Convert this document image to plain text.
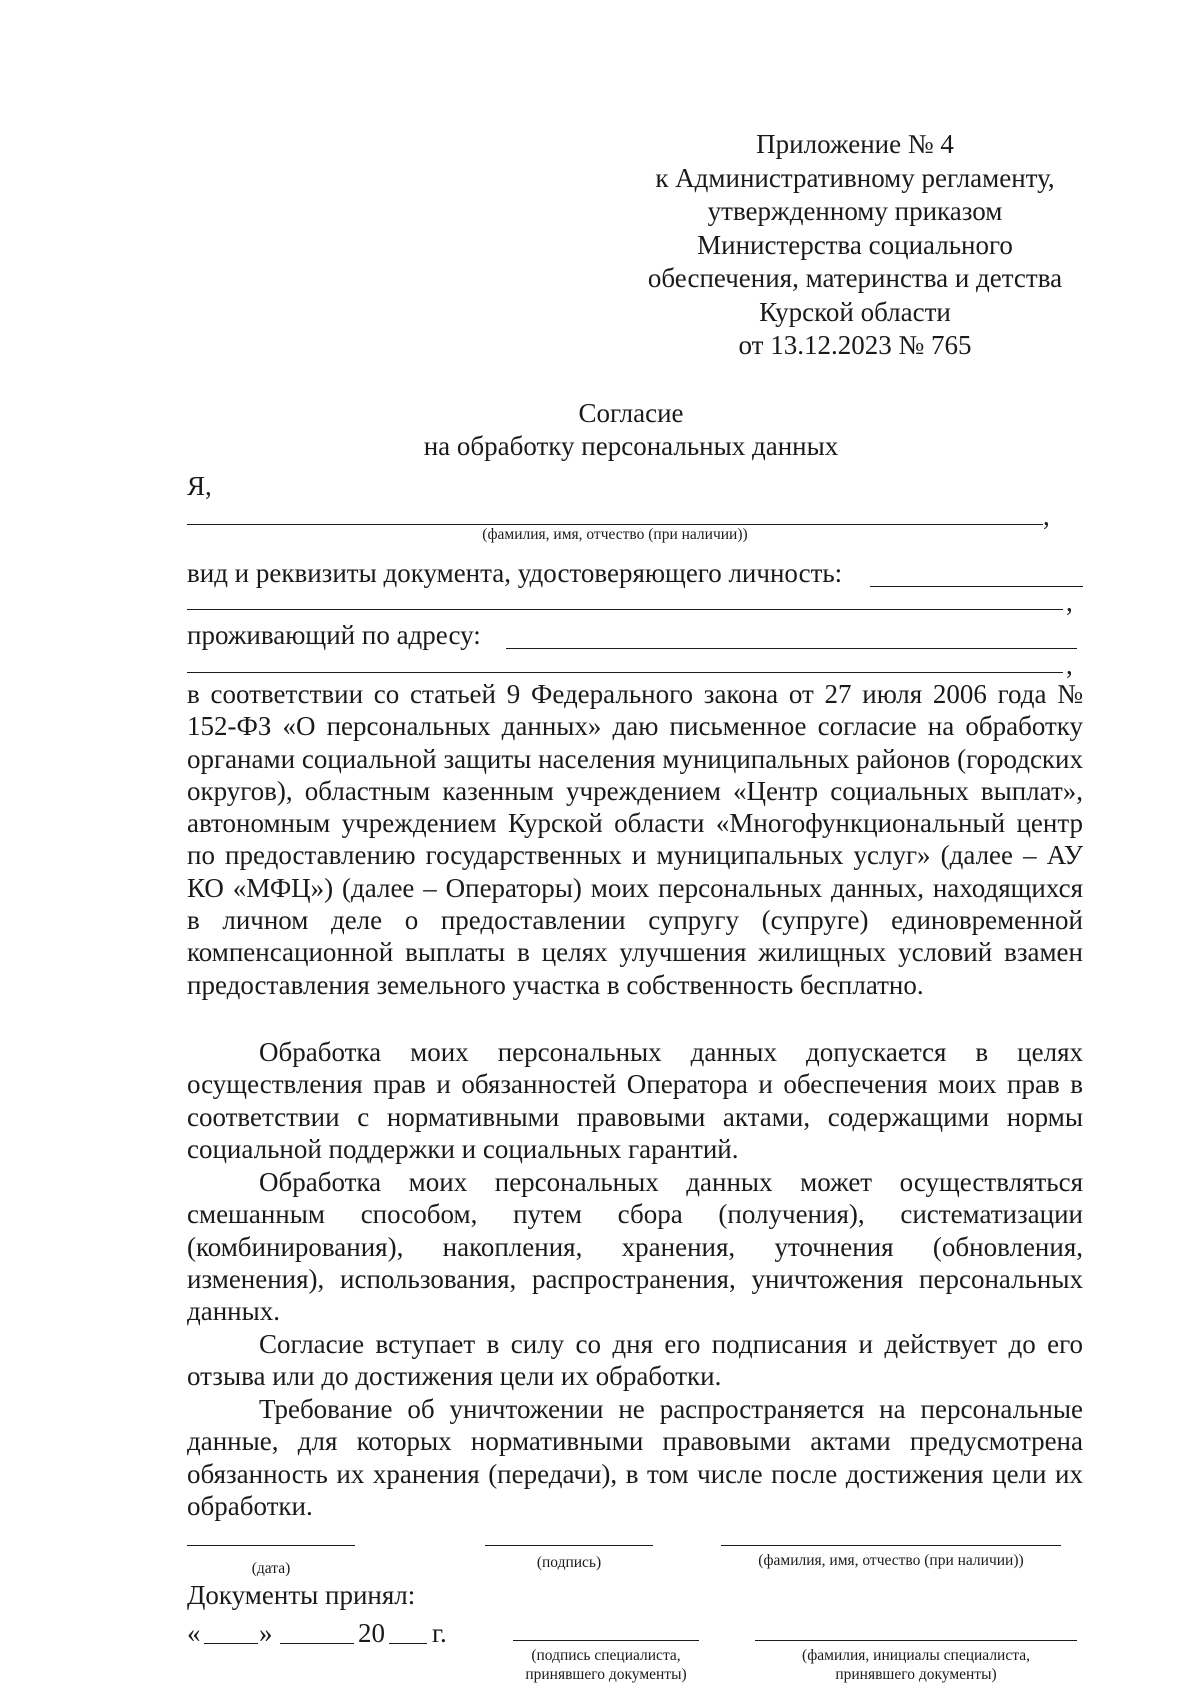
Приложение № 4
к Административному регламенту,
утвержденному приказом
Министерства социального
обеспечения, материнства и детства
Курской области
от 13.12.2023 № 765
Согласие
на обработку персональных данных
Я,
,
(фамилия, имя, отчество (при наличии))
вид и реквизиты документа, удостоверяющего личность:
,
проживающий по адресу:
,

в соответствии со статьей 9 Федерального закона от 27 июля 2006 года № 152-ФЗ «О персональных данных» даю письменное согласие на обработку органами социальной защиты населения муниципальных районов (городских округов), областным казенным учреждением «Центр социальных выплат», автономным учреждением Курской области «Многофункциональный центр по предоставлению государственных и муниципальных услуг» (далее – АУ КО «МФЦ») (далее – Операторы) моих персональных данных, находящихся в личном деле о предоставлении супругу (супруге) единовременной компенсационной выплаты в целях улучшения жилищных условий взамен предоставления земельного участка в собственность бесплатно.

Обработка моих персональных данных допускается в целях осуществления прав и обязанностей Оператора и обеспечения моих прав в соответствии с нормативными правовыми актами, содержащими нормы социальной поддержки и социальных гарантий.

Обработка моих персональных данных может осуществляться смешанным способом, путем сбора (получения), систематизации (комбинирования), накопления, хранения, уточнения (обновления, изменения), использования, распространения, уничтожения персональных данных.

Согласие вступает в силу со дня его подписания и действует до его отзыва или до достижения цели их обработки.

Требование об уничтожении не распространяется на персональные данные, для которых нормативными правовыми актами предусмотрена обязанность их хранения (передачи), в том числе после достижения цели их обработки.

(дата)	(подпись)	(фамилия, имя, отчество (при наличии))
Документы принял:
« »	20 г.
(подпись специалиста,
принявшего документы)
(фамилия, инициалы специалиста,
принявшего документы)
